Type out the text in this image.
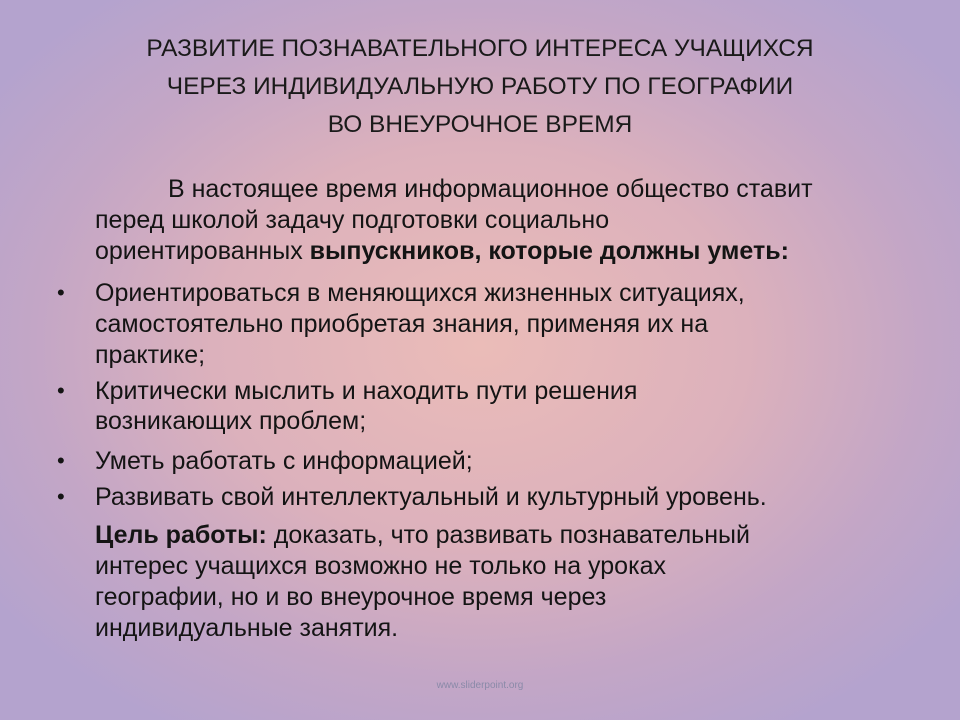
РАЗВИТИЕ ПОЗНАВАТЕЛЬНОГО ИНТЕРЕСА УЧАЩИХСЯ
ЧЕРЕЗ ИНДИВИДУАЛЬНУЮ РАБОТУ ПО ГЕОГРАФИИ
ВО ВНЕУРОЧНОЕ ВРЕМЯ
В настоящее время информационное общество ставит
перед школой задачу подготовки социально
ориентированных выпускников, которые должны уметь:
• Ориентироваться в меняющихся жизненных ситуациях,
самостоятельно приобретая знания, применяя их на
практике;
• Критически мыслить и находить пути решения
возникающих проблем;
• Уметь работать с информацией;
• Развивать свой интеллектуальный и культурный уровень.
Цель работы: доказать, что развивать познавательный
интерес учащихся возможно не только на уроках
географии, но и во внеурочное время через
индивидуальные занятия.
www.sliderpoint.org
